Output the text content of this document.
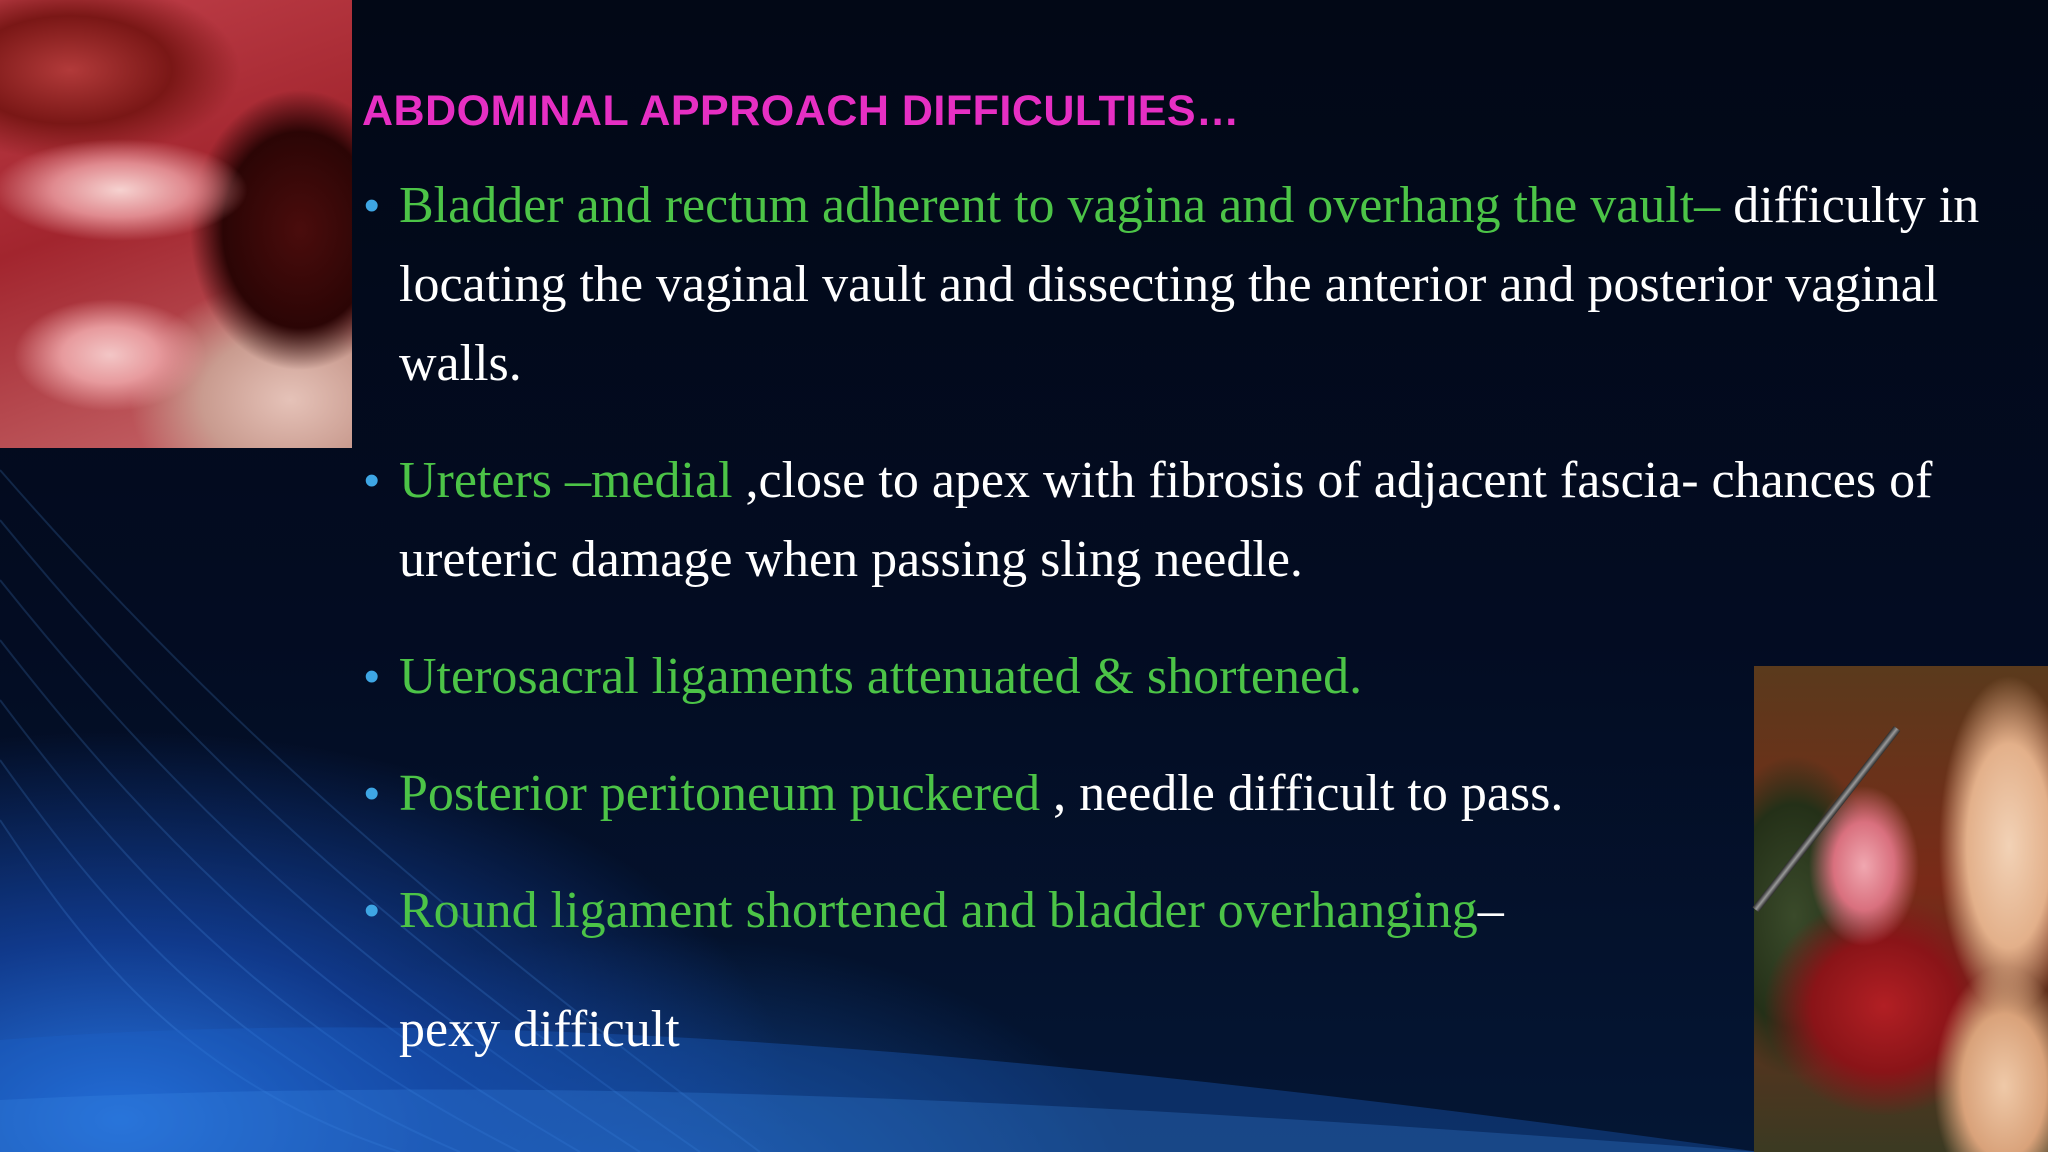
ABDOMINAL APPROACH DIFFICULTIES…
• Bladder and rectum adherent to vagina and overhang the vault– difficulty in locating the vaginal vault and dissecting the anterior and posterior vaginal walls.
• Ureters –medial ,close to apex with fibrosis of adjacent fascia- chances of ureteric damage when passing sling needle.
• Uterosacral ligaments attenuated & shortened.
• Posterior peritoneum puckered , needle difficult to pass.
• Round ligament shortened and bladder overhanging–
pexy difficult
